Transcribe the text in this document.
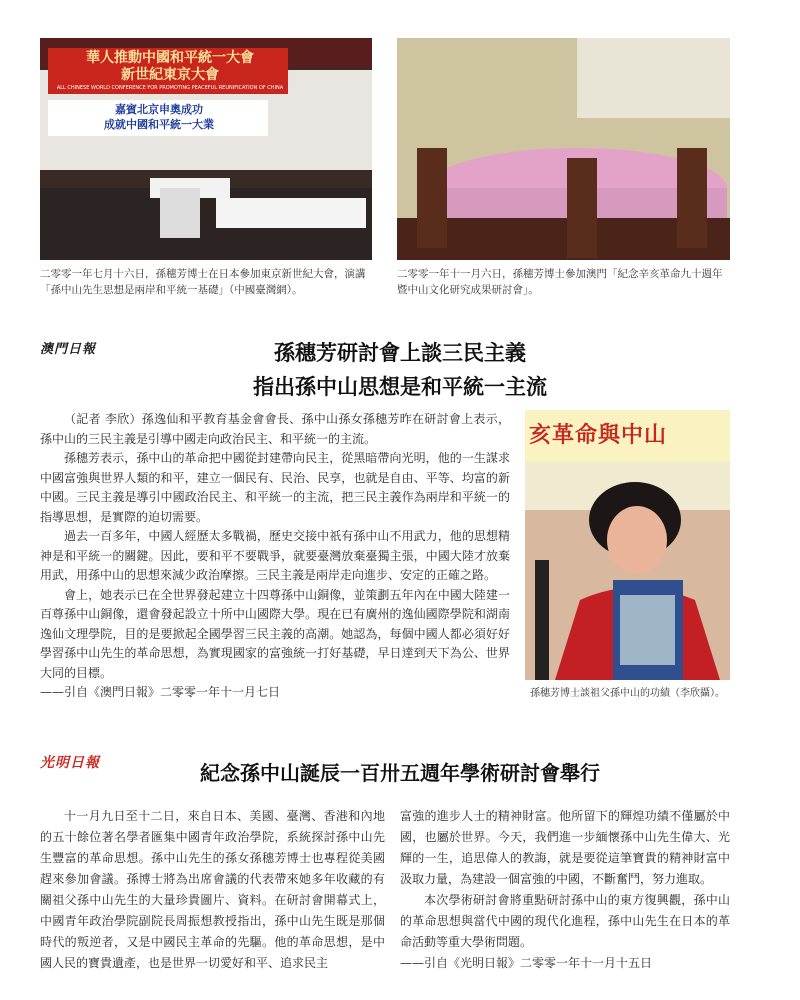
華人推動中國和平統一大會
新世紀東京大會
ALL CHINESE WORLD CONFERENCE FOR PROMOTING PEACEFUL REUNIFICATION OF CHINA
嘉賓北京申奧成功
成就中國和平統一大業
二零零一年七月十六日，孫穗芳博士在日本參加東京新世紀大會，演講「孫中山先生思想是兩岸和平統一基礎」（中國臺灣網）。
二零零一年十一月六日，孫穗芳博士參加澳門「紀念辛亥革命九十週年暨中山文化研究成果研討會」。
澳門日報	孫穗芳研討會上談三民主義
指出孫中山思想是和平統一主流

（記者 李欣）孫逸仙和平教育基金會會長、孫中山孫女孫穗芳昨在研討會上表示，孫中山的三民主義是引導中國走向政治民主、和平統一的主流。

孫穗芳表示，孫中山的革命把中國從封建帶向民主，從黑暗帶向光明，他的一生謀求中國富強與世界人類的和平，建立一個民有、民治、民享，也就是自由、平等、均富的新中國。三民主義是導引中國政治民主、和平統一的主流，把三民主義作為兩岸和平統一的指導思想，是實際的迫切需要。

過去一百多年，中國人經歷太多戰禍，歷史交接中祇有孫中山不用武力，他的思想精神是和平統一的關鍵。因此，要和平不要戰爭，就要臺灣放棄臺獨主張，中國大陸才放棄用武，用孫中山的思想來減少政治摩擦。三民主義是兩岸走向進步、安定的正確之路。

會上，她表示已在全世界發起建立十四尊孫中山銅像，並策劃五年內在中國大陸建一百尊孫中山銅像，還會發起設立十所中山國際大學。現在已有廣州的逸仙國際學院和湖南逸仙文理學院，目的是要掀起全國學習三民主義的高潮。她認為，每個中國人都必須好好學習孫中山先生的革命思想，為實現國家的富強統一打好基礎，早日達到天下為公、世界大同的目標。

——引自《澳門日報》二零零一年十一月七日

亥革命與中山
孫穗芳博士談祖父孫中山的功績（李欣攝）。
光明日報	紀念孫中山誕辰一百卅五週年學術研討會舉行

十一月九日至十二日，來自日本、美國、臺灣、香港和內地的五十餘位著名學者匯集中國青年政治學院，系統探討孫中山先生豐富的革命思想。孫中山先生的孫女孫穗芳博士也專程從美國趕來參加會議。孫博士將為出席會議的代表帶來她多年收藏的有關祖父孫中山先生的大量珍貴圖片、資料。在研討會開幕式上，中國青年政治學院副院長周振想教授指出，孫中山先生既是那個時代的叛逆者，又是中國民主革命的先驅。他的革命思想，是中國人民的寶貴遺產，也是世界一切愛好和平、追求民主

富強的進步人士的精神財富。他所留下的輝煌功績不僅屬於中國，也屬於世界。今天，我們進一步緬懷孫中山先生偉大、光輝的一生，追思偉人的教誨，就是要從這筆寶貴的精神財富中汲取力量，為建設一個富強的中國，不斷奮鬥，努力進取。

本次學術研討會將重點研討孫中山的東方復興觀，孫中山的革命思想與當代中國的現代化進程，孫中山先生在日本的革命活動等重大學術問題。

——引自《光明日報》二零零一年十一月十五日
